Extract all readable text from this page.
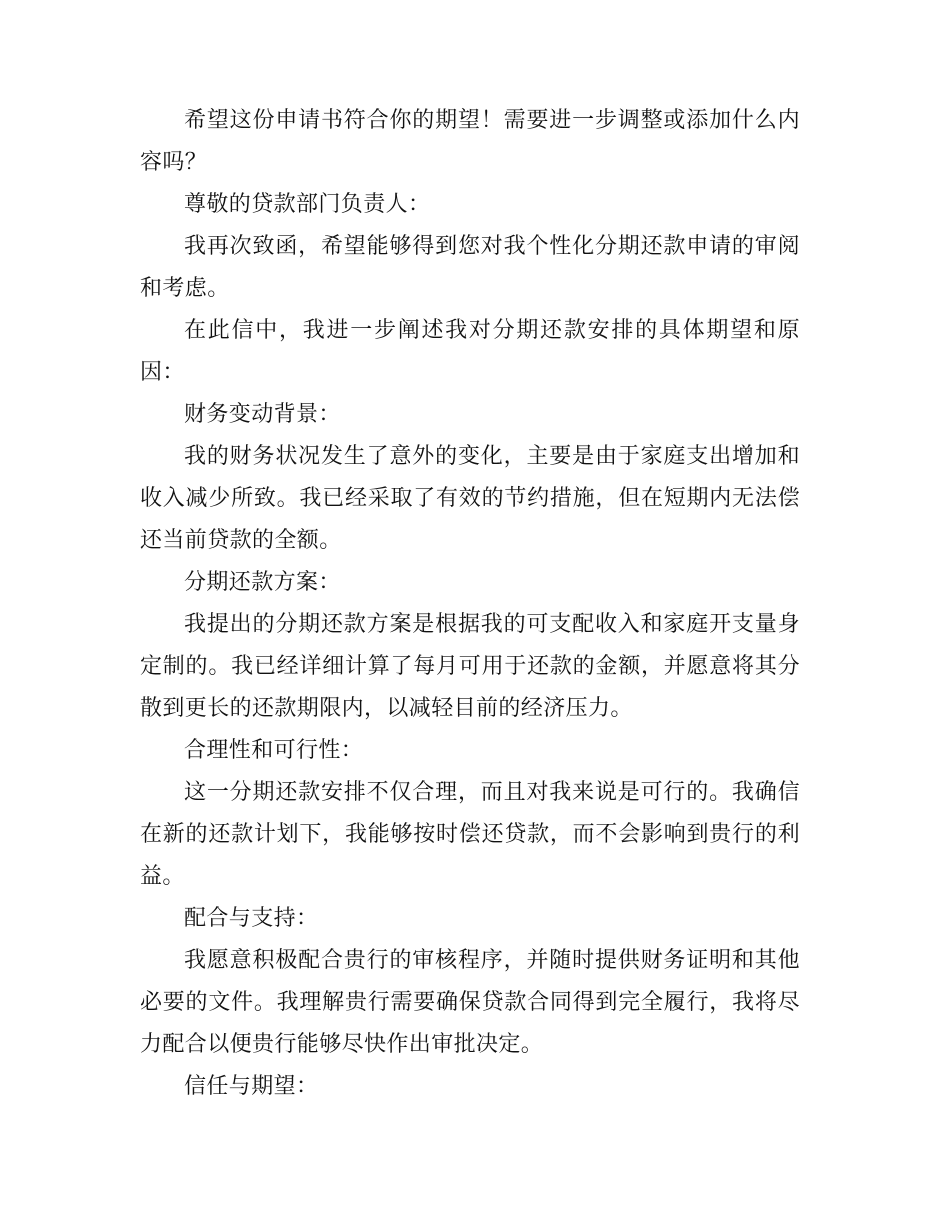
希望这份申请书符合你的期望！需要进一步调整或添加什么内容吗？

尊敬的贷款部门负责人：

我再次致函，希望能够得到您对我个性化分期还款申请的审阅和考虑。

在此信中，我进一步阐述我对分期还款安排的具体期望和原因：

财务变动背景：

我的财务状况发生了意外的变化，主要是由于家庭支出增加和收入减少所致。我已经采取了有效的节约措施，但在短期内无法偿还当前贷款的全额。

分期还款方案：

我提出的分期还款方案是根据我的可支配收入和家庭开支量身定制的。我已经详细计算了每月可用于还款的金额，并愿意将其分散到更长的还款期限内，以减轻目前的经济压力。

合理性和可行性：

这一分期还款安排不仅合理，而且对我来说是可行的。我确信在新的还款计划下，我能够按时偿还贷款，而不会影响到贵行的利益。

配合与支持：

我愿意积极配合贵行的审核程序，并随时提供财务证明和其他必要的文件。我理解贵行需要确保贷款合同得到完全履行，我将尽力配合以便贵行能够尽快作出审批决定。

信任与期望：
